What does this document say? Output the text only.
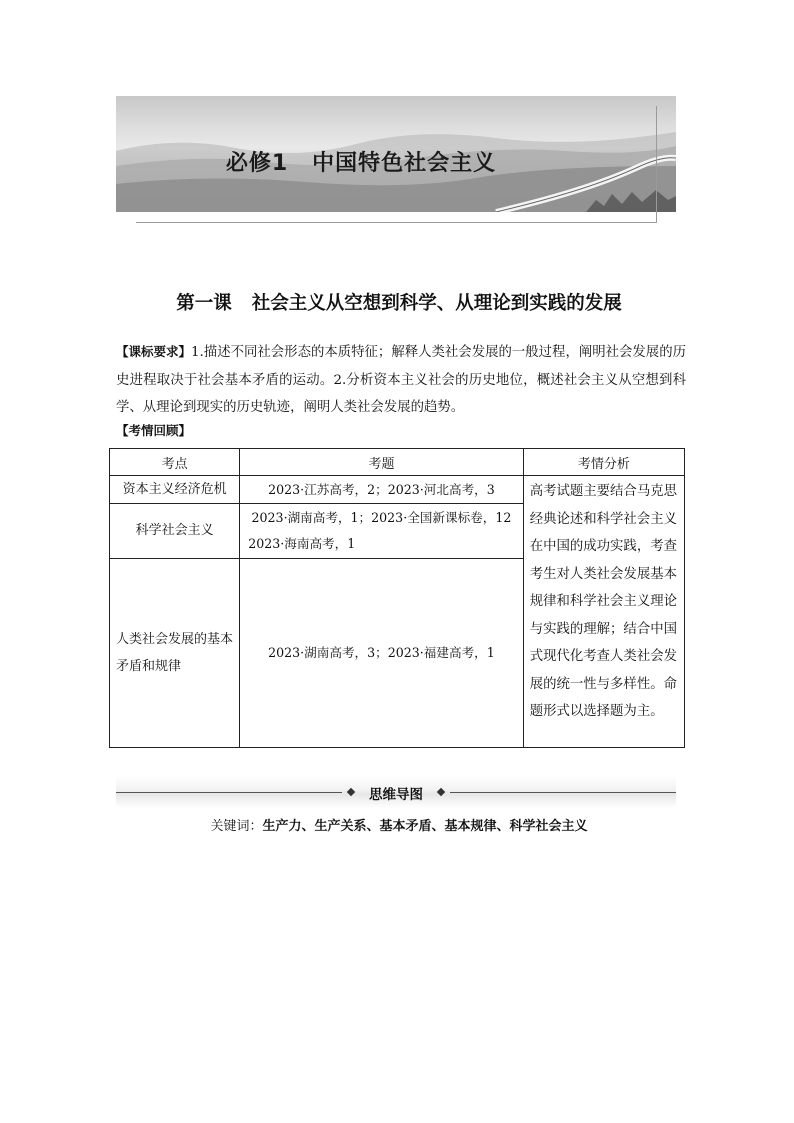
必修1 中国特色社会主义
第一课 社会主义从空想到科学、从理论到实践的发展
【课标要求】1.描述不同社会形态的本质特征；解释人类社会发展的一般过程，阐明社会发展的历史进程取决于社会基本矛盾的运动。2.分析资本主义社会的历史地位，概述社会主义从空想到科学、从理论到现实的历史轨迹，阐明人类社会发展的趋势。
【考情回顾】
考点	考题	考情分析
资本主义经济危机	2023·江苏高考，2；2023·河北高考，3	高考试题主要结合马克思经典论述和科学社会主义在中国的成功实践，考查考生对人类社会发展基本规律和科学社会主义理论与实践的理解；结合中国式现代化考查人类社会发展的统一性与多样性。命题形式以选择题为主。
科学社会主义	2023·湖南高考，1；2023·全国新课标卷，12
2023·海南高考，1	

人类社会发展的基本矛盾和规律	2023·湖南高考，3；2023·福建高考，1	
思维导图
关键词：生产力、生产关系、基本矛盾、基本规律、科学社会主义
